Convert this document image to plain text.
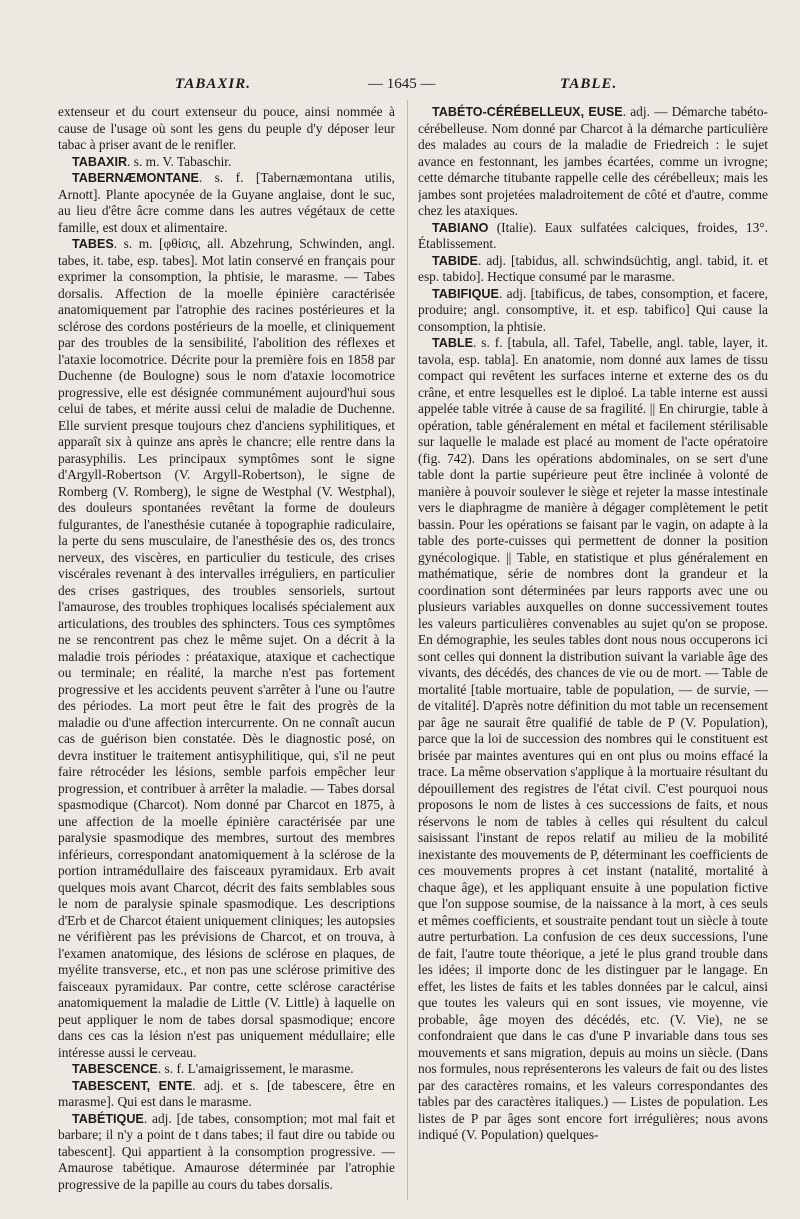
TABAXIR.	— 1645 —	TABLE.

extenseur et du court extenseur du pouce, ainsi nommée à cause de l'usage où sont les gens du peuple d'y déposer leur tabac à priser avant de le renifler.

TABAXIR. s. m. V. Tabaschir.

TABERNÆMONTANE. s. f. [Tabernæmontana utilis, Arnott]. Plante apocynée de la Guyane anglaise, dont le suc, au lieu d'être âcre comme dans les autres végétaux de cette famille, est doux et alimentaire.

TABES. s. m. [φθίσις, all. Abzehrung, Schwinden, angl. tabes, it. tabe, esp. tabes]. Mot latin conservé en français pour exprimer la consomption, la phtisie, le marasme. — Tabes dorsalis. Affection de la moelle épinière caractérisée anatomiquement par l'atrophie des racines postérieures et la sclérose des cordons postérieurs de la moelle, et cliniquement par des troubles de la sensibilité, l'abolition des réflexes et l'ataxie locomotrice. Décrite pour la première fois en 1858 par Duchenne (de Boulogne) sous le nom d'ataxie locomotrice progressive, elle est désignée communément aujourd'hui sous celui de tabes, et mérite aussi celui de maladie de Duchenne. Elle survient presque toujours chez d'anciens syphilitiques, et apparaît six à quinze ans après le chancre; elle rentre dans la parasyphilis. Les principaux symptômes sont le signe d'Argyll-Robertson (V. Argyll-Robertson), le signe de Romberg (V. Romberg), le signe de Westphal (V. Westphal), des douleurs spontanées revêtant la forme de douleurs fulgurantes, de l'anesthésie cutanée à topographie radiculaire, la perte du sens musculaire, de l'anesthésie des os, des troncs nerveux, des viscères, en particulier du testicule, des crises viscérales revenant à des intervalles irréguliers, en particulier des crises gastriques, des troubles sensoriels, surtout l'amaurose, des troubles trophiques localisés spécialement aux articulations, des troubles des sphincters. Tous ces symptômes ne se rencontrent pas chez le même sujet. On a décrit à la maladie trois périodes : préataxique, ataxique et cachectique ou terminale; en réalité, la marche n'est pas fortement progressive et les accidents peuvent s'arrêter à l'une ou l'autre des périodes. La mort peut être le fait des progrès de la maladie ou d'une affection intercurrente. On ne connaît aucun cas de guérison bien constatée. Dès le diagnostic posé, on devra instituer le traitement antisyphilitique, qui, s'il ne peut faire rétrocéder les lésions, semble parfois empêcher leur progression, et contribuer à arrêter la maladie. — Tabes dorsal spasmodique (Charcot). Nom donné par Charcot en 1875, à une affection de la moelle épinière caractérisée par une paralysie spasmodique des membres, surtout des membres inférieurs, correspondant anatomiquement à la sclérose de la portion intramédullaire des faisceaux pyramidaux. Erb avait quelques mois avant Charcot, décrit des faits semblables sous le nom de paralysie spinale spasmodique. Les descriptions d'Erb et de Charcot étaient uniquement cliniques; les autopsies ne vérifièrent pas les prévisions de Charcot, et on trouva, à l'examen anatomique, des lésions de sclérose en plaques, de myélite transverse, etc., et non pas une sclérose primitive des faisceaux pyramidaux. Par contre, cette sclérose caractérise anatomiquement la maladie de Little (V. Little) à laquelle on peut appliquer le nom de tabes dorsal spasmodique; encore dans ces cas la lésion n'est pas uniquement médullaire; elle intéresse aussi le cerveau.

TABESCENCE. s. f. L'amaigrissement, le marasme.

TABESCENT, ENTE. adj. et s. [de tabescere, être en marasme]. Qui est dans le marasme.

TABÉTIQUE. adj. [de tabes, consomption; mot mal fait et barbare; il n'y a point de t dans tabes; il faut dire ou tabide ou tabescent]. Qui appartient à la consomption progressive. — Amaurose tabétique. Amaurose déterminée par l'atrophie progressive de la papille au cours du tabes dorsalis.

TABÉTO-CÉRÉBELLEUX, EUSE. adj. — Démarche tabéto-cérébelleuse. Nom donné par Charcot à la démarche particulière des malades au cours de la maladie de Friedreich : le sujet avance en festonnant, les jambes écartées, comme un ivrogne; cette démarche titubante rappelle celle des cérébelleux; mais les jambes sont projetées maladroitement de côté et d'autre, comme chez les ataxiques.

TABIANO (Italie). Eaux sulfatées calciques, froides, 13°. Établissement.

TABIDE. adj. [tabidus, all. schwindsüchtig, angl. tabid, it. et esp. tabido]. Hectique consumé par le marasme.

TABIFIQUE. adj. [tabificus, de tabes, consomption, et facere, produire; angl. consomptive, it. et esp. tabifico] Qui cause la consomption, la phtisie.

TABLE. s. f. [tabula, all. Tafel, Tabelle, angl. table, layer, it. tavola, esp. tabla]. En anatomie, nom donné aux lames de tissu compact qui revêtent les surfaces interne et externe des os du crâne, et entre lesquelles est le diploé. La table interne est aussi appelée table vitrée à cause de sa fragilité. || En chirurgie, table à opération, table généralement en métal et facilement stérilisable sur laquelle le malade est placé au moment de l'acte opératoire (fig. 742). Dans les opérations abdominales, on se sert d'une table dont la partie supérieure peut être inclinée à volonté de manière à pouvoir soulever le siège et rejeter la masse intestinale vers le diaphragme de manière à dégager complètement le petit bassin. Pour les opérations se faisant par le vagin, on adapte à la table des porte-cuisses qui permettent de donner la position gynécologique. || Table, en statistique et plus généralement en mathématique, série de nombres dont la grandeur et la coordination sont déterminées par leurs rapports avec une ou plusieurs variables auxquelles on donne successivement toutes les valeurs particulières convenables au sujet qu'on se propose. En démographie, les seules tables dont nous nous occuperons ici sont celles qui donnent la distribution suivant la variable âge des vivants, des décédés, des chances de vie ou de mort. — Table de mortalité [table mortuaire, table de population, — de survie, — de vitalité]. D'après notre définition du mot table un recensement par âge ne saurait être qualifié de table de P (V. Population), parce que la loi de succession des nombres qui le constituent est brisée par maintes aventures qui en ont plus ou moins effacé la trace. La même observation s'applique à la mortuaire résultant du dépouillement des registres de l'état civil. C'est pourquoi nous proposons le nom de listes à ces successions de faits, et nous réservons le nom de tables à celles qui résultent du calcul saisissant l'instant de repos relatif au milieu de la mobilité inexistante des mouvements de P, déterminant les coefficients de ces mouvements propres à cet instant (natalité, mortalité à chaque âge), et les appliquant ensuite à une population fictive que l'on suppose soumise, de la naissance à la mort, à ces seuls et mêmes coefficients, et soustraite pendant tout un siècle à toute autre perturbation. La confusion de ces deux successions, l'une de fait, l'autre toute théorique, a jeté le plus grand trouble dans les idées; il importe donc de les distinguer par le langage. En effet, les listes de faits et les tables données par le calcul, ainsi que toutes les valeurs qui en sont issues, vie moyenne, vie probable, âge moyen des décédés, etc. (V. Vie), ne se confondraient que dans le cas d'une P invariable dans tous ses mouvements et sans migration, depuis au moins un siècle. (Dans nos formules, nous représenterons les valeurs de fait ou des listes par des caractères romains, et les valeurs correspondantes des tables par des caractères italiques.) — Listes de population. Les listes de P par âges sont encore fort irrégulières; nous avons indiqué (V. Population) quelques-
